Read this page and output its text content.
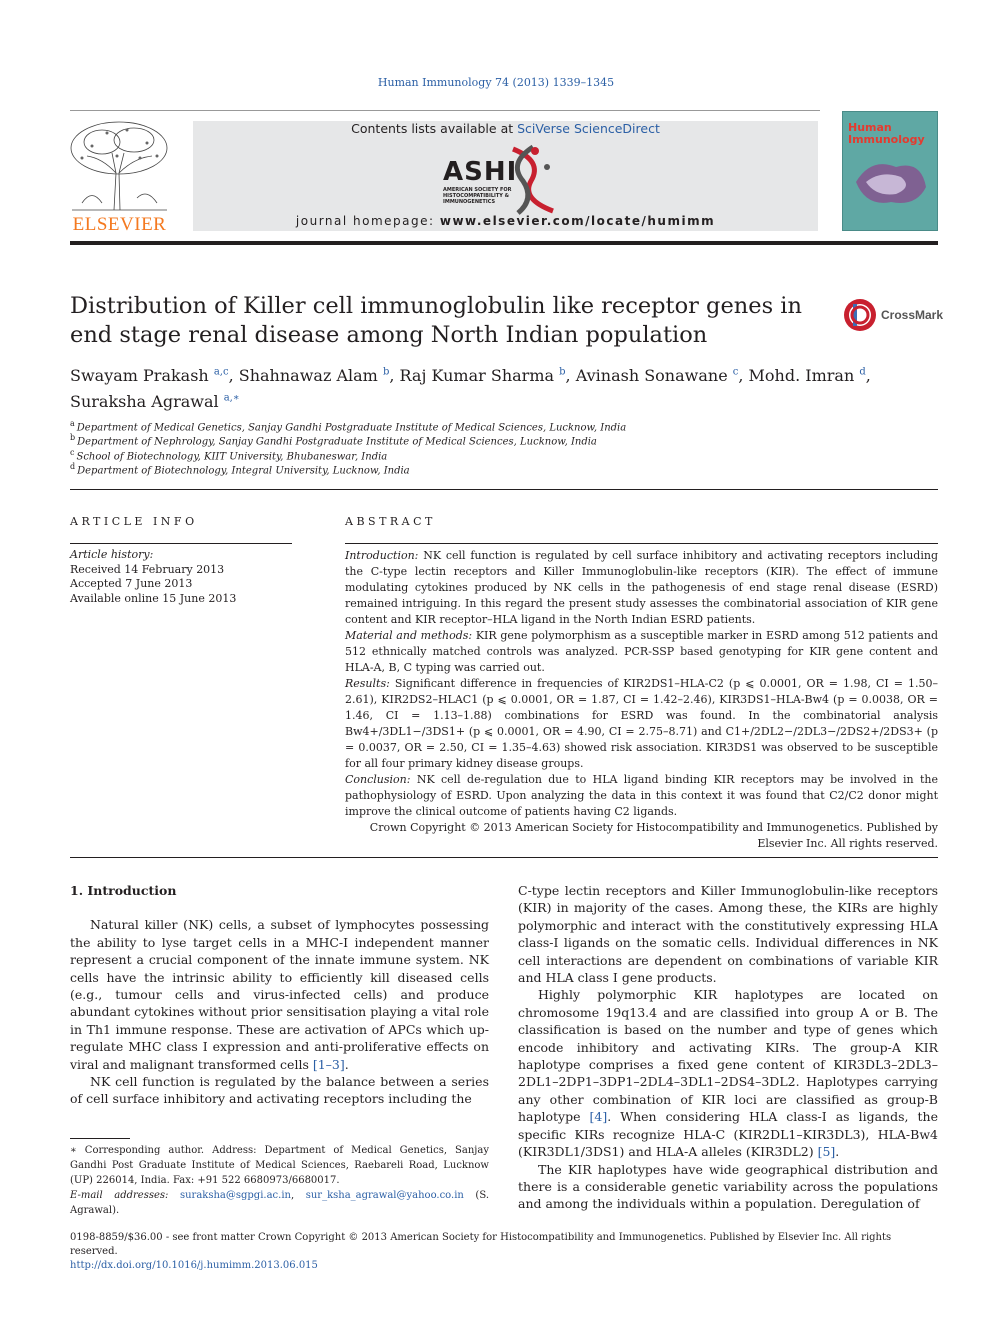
Human Immunology 74 (2013) 1339–1345
ELSEVIER
Contents lists available at SciVerse ScienceDirect
ASHI
AMERICAN SOCIETY FOR HISTOCOMPATIBILITY & IMMUNOGENETICS
journal homepage: www.elsevier.com/locate/humimm
Human
Immunology
Distribution of Killer cell immunoglobulin like receptor genes in end stage renal disease among North Indian population
CrossMark
Swayam Prakash $^{a,c}$, Shahnawaz Alam $^b$, Raj Kumar Sharma $^b$, Avinash Sonawane $^c$, Mohd. Imran $^d$,
Suraksha Agrawal $^{a,∗}$
$^a$ Department of Medical Genetics, Sanjay Gandhi Postgraduate Institute of Medical Sciences, Lucknow, India
$^b$ Department of Nephrology, Sanjay Gandhi Postgraduate Institute of Medical Sciences, Lucknow, India
$^c$ School of Biotechnology, KIIT University, Bhubaneswar, India
$^d$ Department of Biotechnology, Integral University, Lucknow, India
ARTICLE INFO
Article history:
Received 14 February 2013
Accepted 7 June 2013
Available online 15 June 2013
ABSTRACT

Introduction: NK cell function is regulated by cell surface inhibitory and activating receptors including the C-type lectin receptors and Killer Immunoglobulin-like receptors (KIR). The effect of immune modulating cytokines produced by NK cells in the pathogenesis of end stage renal disease (ESRD) remained intriguing. In this regard the present study assesses the combinatorial association of KIR gene content and KIR receptor–HLA ligand in the North Indian ESRD patients.

Material and methods: KIR gene polymorphism as a susceptible marker in ESRD among 512 patients and 512 ethnically matched controls was analyzed. PCR-SSP based genotyping for KIR gene content and HLA-A, B, C typing was carried out.

Results: Significant difference in frequencies of KIR2DS1–HLA-C2 (p ⩽ 0.0001, OR = 1.98, CI = 1.50–2.61), KIR2DS2–HLAC1 (p ⩽ 0.0001, OR = 1.87, CI = 1.42–2.46), KIR3DS1–HLA-Bw4 (p = 0.0038, OR = 1.46, CI = 1.13–1.88) combinations for ESRD was found. In the combinatorial analysis Bw4+/3DL1−/3DS1+ (p ⩽ 0.0001, OR = 4.90, CI = 2.75–8.71) and C1+/2DL2−/2DL3−/2DS2+/2DS3+ (p = 0.0037, OR = 2.50, CI = 1.35–4.63) showed risk association. KIR3DS1 was observed to be susceptible for all four primary kidney disease groups.

Conclusion: NK cell de-regulation due to HLA ligand binding KIR receptors may be involved in the pathophysiology of ESRD. Upon analyzing the data in this context it was found that C2/C2 donor might improve the clinical outcome of patients having C2 ligands.

Crown Copyright © 2013 American Society for Histocompatibility and Immunogenetics. Published by Elsevier Inc. All rights reserved.

1. Introduction

Natural killer (NK) cells, a subset of lymphocytes possessing the ability to lyse target cells in a MHC-I independent manner represent a crucial component of the innate immune system. NK cells have the intrinsic ability to efficiently kill diseased cells (e.g., tumour cells and virus-infected cells) and produce abundant cytokines without prior sensitisation playing a vital role in Th1 immune response. These are activation of APCs which up-regulate MHC class I expression and anti-proliferative effects on viral and malignant transformed cells [1–3].

NK cell function is regulated by the balance between a series of cell surface inhibitory and activating receptors including the

C-type lectin receptors and Killer Immunoglobulin-like receptors (KIR) in majority of the cases. Among these, the KIRs are highly polymorphic and interact with the constitutively expressing HLA class-I ligands on the somatic cells. Individual differences in NK cell interactions are dependent on combinations of variable KIR and HLA class I gene products.

Highly polymorphic KIR haplotypes are located on chromosome 19q13.4 and are classified into group A or B. The classification is based on the number and type of genes which encode inhibitory and activating KIRs. The group-A KIR haplotype comprises a fixed gene content of KIR3DL3–2DL3–2DL1–2DP1–3DP1–2DL4–3DL1–2DS4–3DL2. Haplotypes carrying any other combination of KIR loci are classified as group-B haplotype [4]. When considering HLA class-I as ligands, the specific KIRs recognize HLA-C (KIR2DL1–KIR3DL3), HLA-Bw4 (KIR3DL1/3DS1) and HLA-A alleles (KIR3DL2) [5].

The KIR haplotypes have wide geographical distribution and there is a considerable genetic variability across the populations and among the individuals within a population. Deregulation of

∗ Corresponding author. Address: Department of Medical Genetics, Sanjay Gandhi Post Graduate Institute of Medical Sciences, Raebareli Road, Lucknow (UP) 226014, India. Fax: +91 522 6680973/6680017.
E-mail addresses: suraksha@sgpgi.ac.in, sur_ksha_agrawal@yahoo.co.in (S. Agrawal).
0198-8859/$36.00 - see front matter Crown Copyright © 2013 American Society for Histocompatibility and Immunogenetics. Published by Elsevier Inc. All rights reserved.
http://dx.doi.org/10.1016/j.humimm.2013.06.015
